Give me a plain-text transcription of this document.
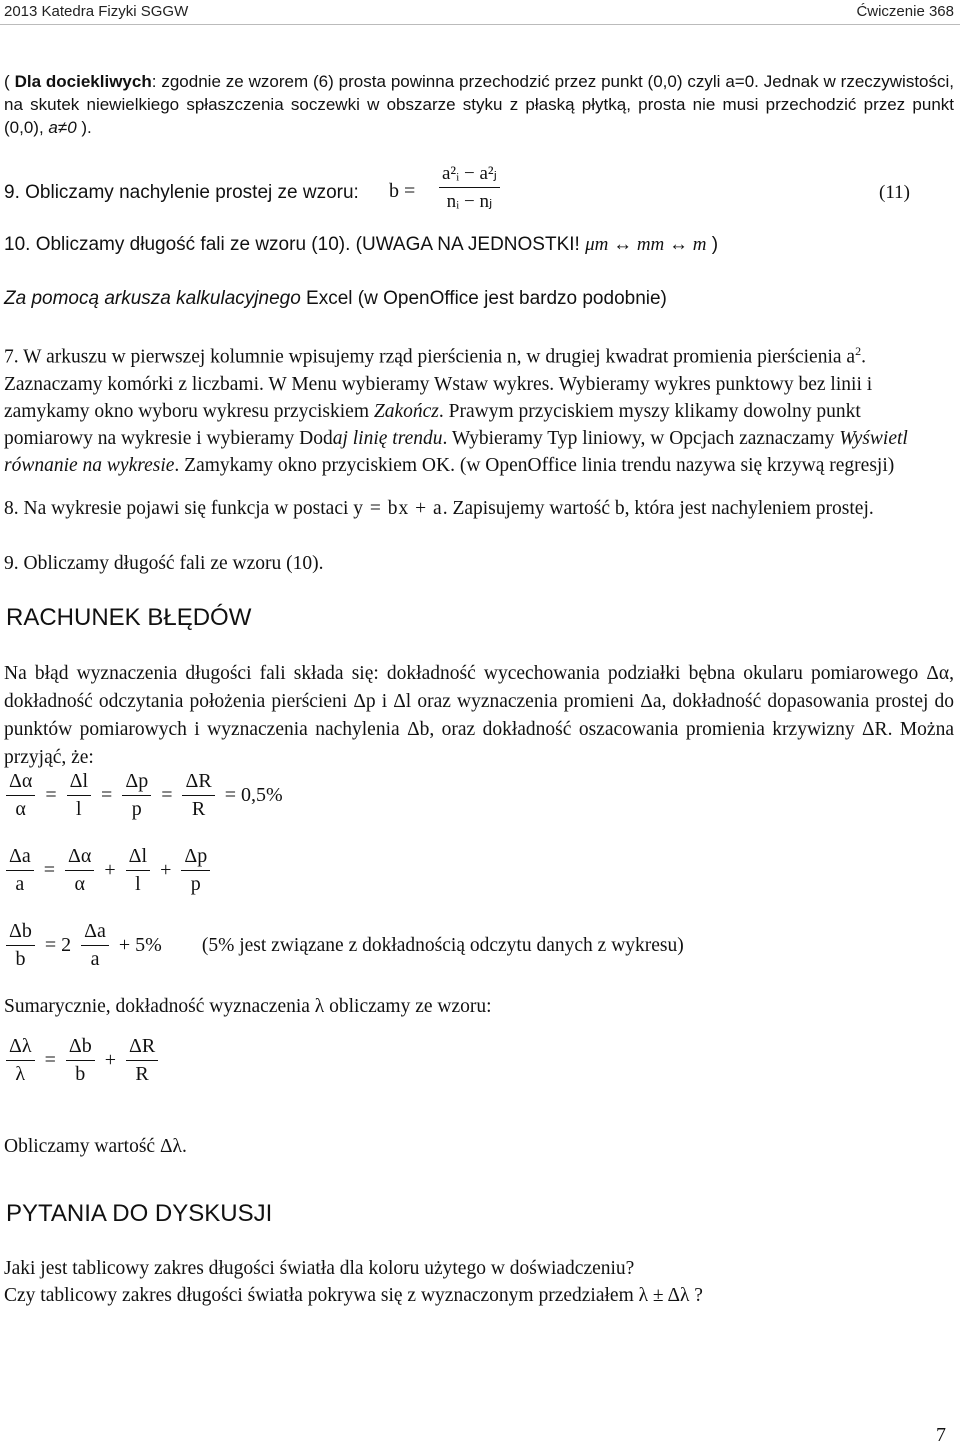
2013 Katedra Fizyki SGGW	Ćwiczenie 368
( Dla dociekliwych: zgodnie ze wzorem (6) prosta powinna przechodzić przez punkt (0,0) czyli a=0. Jednak w rzeczywistości, na skutek niewielkiego spłaszczenia soczewki w obszarze styku z płaską płytką, prosta nie musi przechodzić przez punkt (0,0), a≠0 ).
9. Obliczamy nachylenie prostej ze wzoru: $b = \frac{\text{a²ᵢ − a²ⱼ}}{\text{nᵢ − nⱼ}}$	(11)
10. Obliczamy długość fali ze wzoru (10). (UWAGA NA JEDNOSTKI! μm ↔ mm ↔ m )
Za pomocą arkusza kalkulacyjnego Excel (w OpenOffice jest bardzo podobnie)
7. W arkuszu w pierwszej kolumnie wpisujemy rząd pierścienia n, w drugiej kwadrat promienia pierścienia $a^2$. Zaznaczamy komórki z liczbami. W Menu wybieramy Wstaw wykres. Wybieramy wykres punktowy bez linii i zamykamy okno wyboru wykresu przyciskiem Zakończ. Prawym przyciskiem myszy klikamy dowolny punkt pomiarowy na wykresie i wybieramy Dodaj linię trendu. Wybieramy Typ liniowy, w Opcjach zaznaczamy Wyświetl równanie na wykresie. Zamykamy okno przyciskiem OK. (w OpenOffice linia trendu nazywa się krzywą regresji)
8. Na wykresie pojawi się funkcja w postaci y = bx + a. Zapisujemy wartość b, która jest nachyleniem prostej.
9. Obliczamy długość fali ze wzoru (10).
RACHUNEK BŁĘDÓW
Na błąd wyznaczenia długości fali składa się: dokładność wycechowania podziałki bębna okularu pomiarowego Δα, dokładność odczytania położenia pierścieni Δp i Δl oraz wyznaczenia promieni Δa, dokładność dopasowania prostej do punktów pomiarowych i wyznaczenia nachylenia Δb, oraz dokładność oszacowania promienia krzywizny ΔR. Można przyjąć, że:
$\frac{\Delta\alpha}{\alpha} = \frac{\Delta l}{l} = \frac{\Delta p}{p} = \frac{\Delta R}{R} = 0,5\%$
$\frac{\Delta a}{a} = \frac{\Delta\alpha}{\alpha} + \frac{\Delta l}{l} + \frac{\Delta p}{p}$
$\frac{\Delta b}{b} = 2 \frac{\Delta a}{a} + 5\%$ (5% jest związane z dokładnością odczytu danych z wykresu)
Sumarycznie, dokładność wyznaczenia λ obliczamy ze wzoru:
$\frac{\Delta\lambda}{\lambda} = \frac{\Delta b}{b} + \frac{\Delta R}{R}$
Obliczamy wartość Δλ.
PYTANIA DO DYSKUSJI
Jaki jest tablicowy zakres długości światła dla koloru użytego w doświadczeniu?
Czy tablicowy zakres długości światła pokrywa się z wyznaczonym przedziałem λ ± Δλ ?
7
